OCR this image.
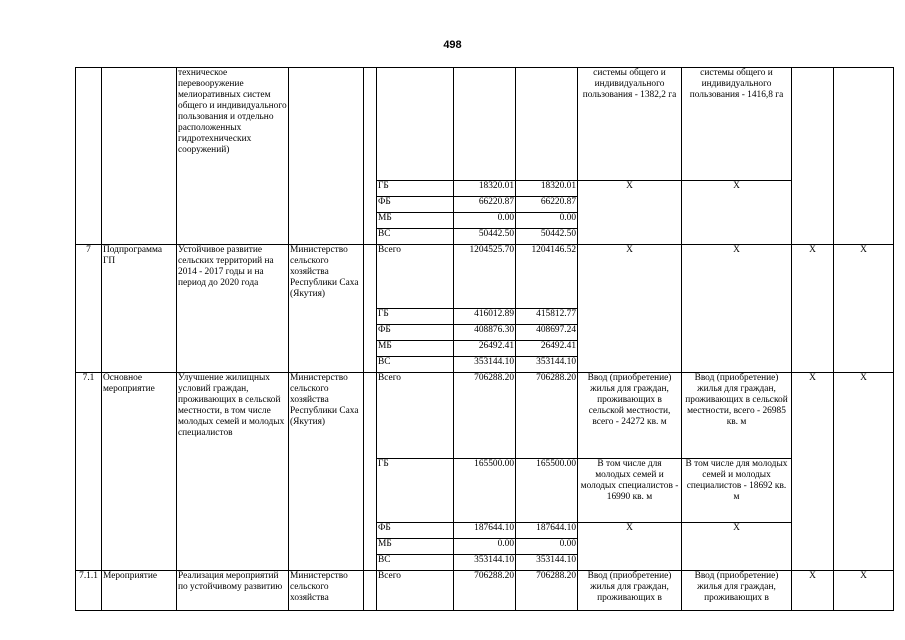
498
		техническое перевооружение мелиоративных систем общего и индивидуального пользования и отдельно расположенных гидротехнических сооружений)						системы общего и индивидуального пользования - 1382,2 га	системы общего и индивидуального пользования - 1416,8 га		
					ГБ	18320.01	18320.01	X	X		
					ФБ	66220.87	66220.87				
					МБ	0.00	0.00				
					ВС	50442.50	50442.50				
7	Подпрограмма ГП	Устойчивое развитие сельских территорий на 2014 - 2017 годы и на период до 2020 года	Министерство сельского хозяйства Республики Саха (Якутия)		Всего	1204525.70	1204146.52	X	X	X	X
					ГБ	416012.89	415812.77				
					ФБ	408876.30	408697.24				
					МБ	26492.41	26492.41				
					ВС	353144.10	353144.10				
7.1	Основное мероприятие	Улучшение жилищных условий граждан, проживающих в сельской местности, в том числе молодых семей и молодых специалистов	Министерство сельского хозяйства Республики Саха (Якутия)		Всего	706288.20	706288.20	Ввод (приобретение) жилья для граждан, проживающих в сельской местности, всего - 24272 кв. м	Ввод (приобретение) жилья для граждан, проживающих в сельской местности, всего - 26985 кв. м	X	X
					ГБ	165500.00	165500.00	В том числе для молодых семей и молодых специалистов - 16990 кв. м	В том числе для молодых семей и молодых специалистов - 18692 кв. м		
					ФБ	187644.10	187644.10	X	X		
					МБ	0.00	0.00				
					ВС	353144.10	353144.10				
7.1.1	Мероприятие	Реализация мероприятий по устойчивому развитию	Министерство сельского хозяйства		Всего	706288.20	706288.20	Ввод (приобретение) жилья для граждан, проживающих в	Ввод (приобретение) жилья для граждан, проживающих в	X	X
